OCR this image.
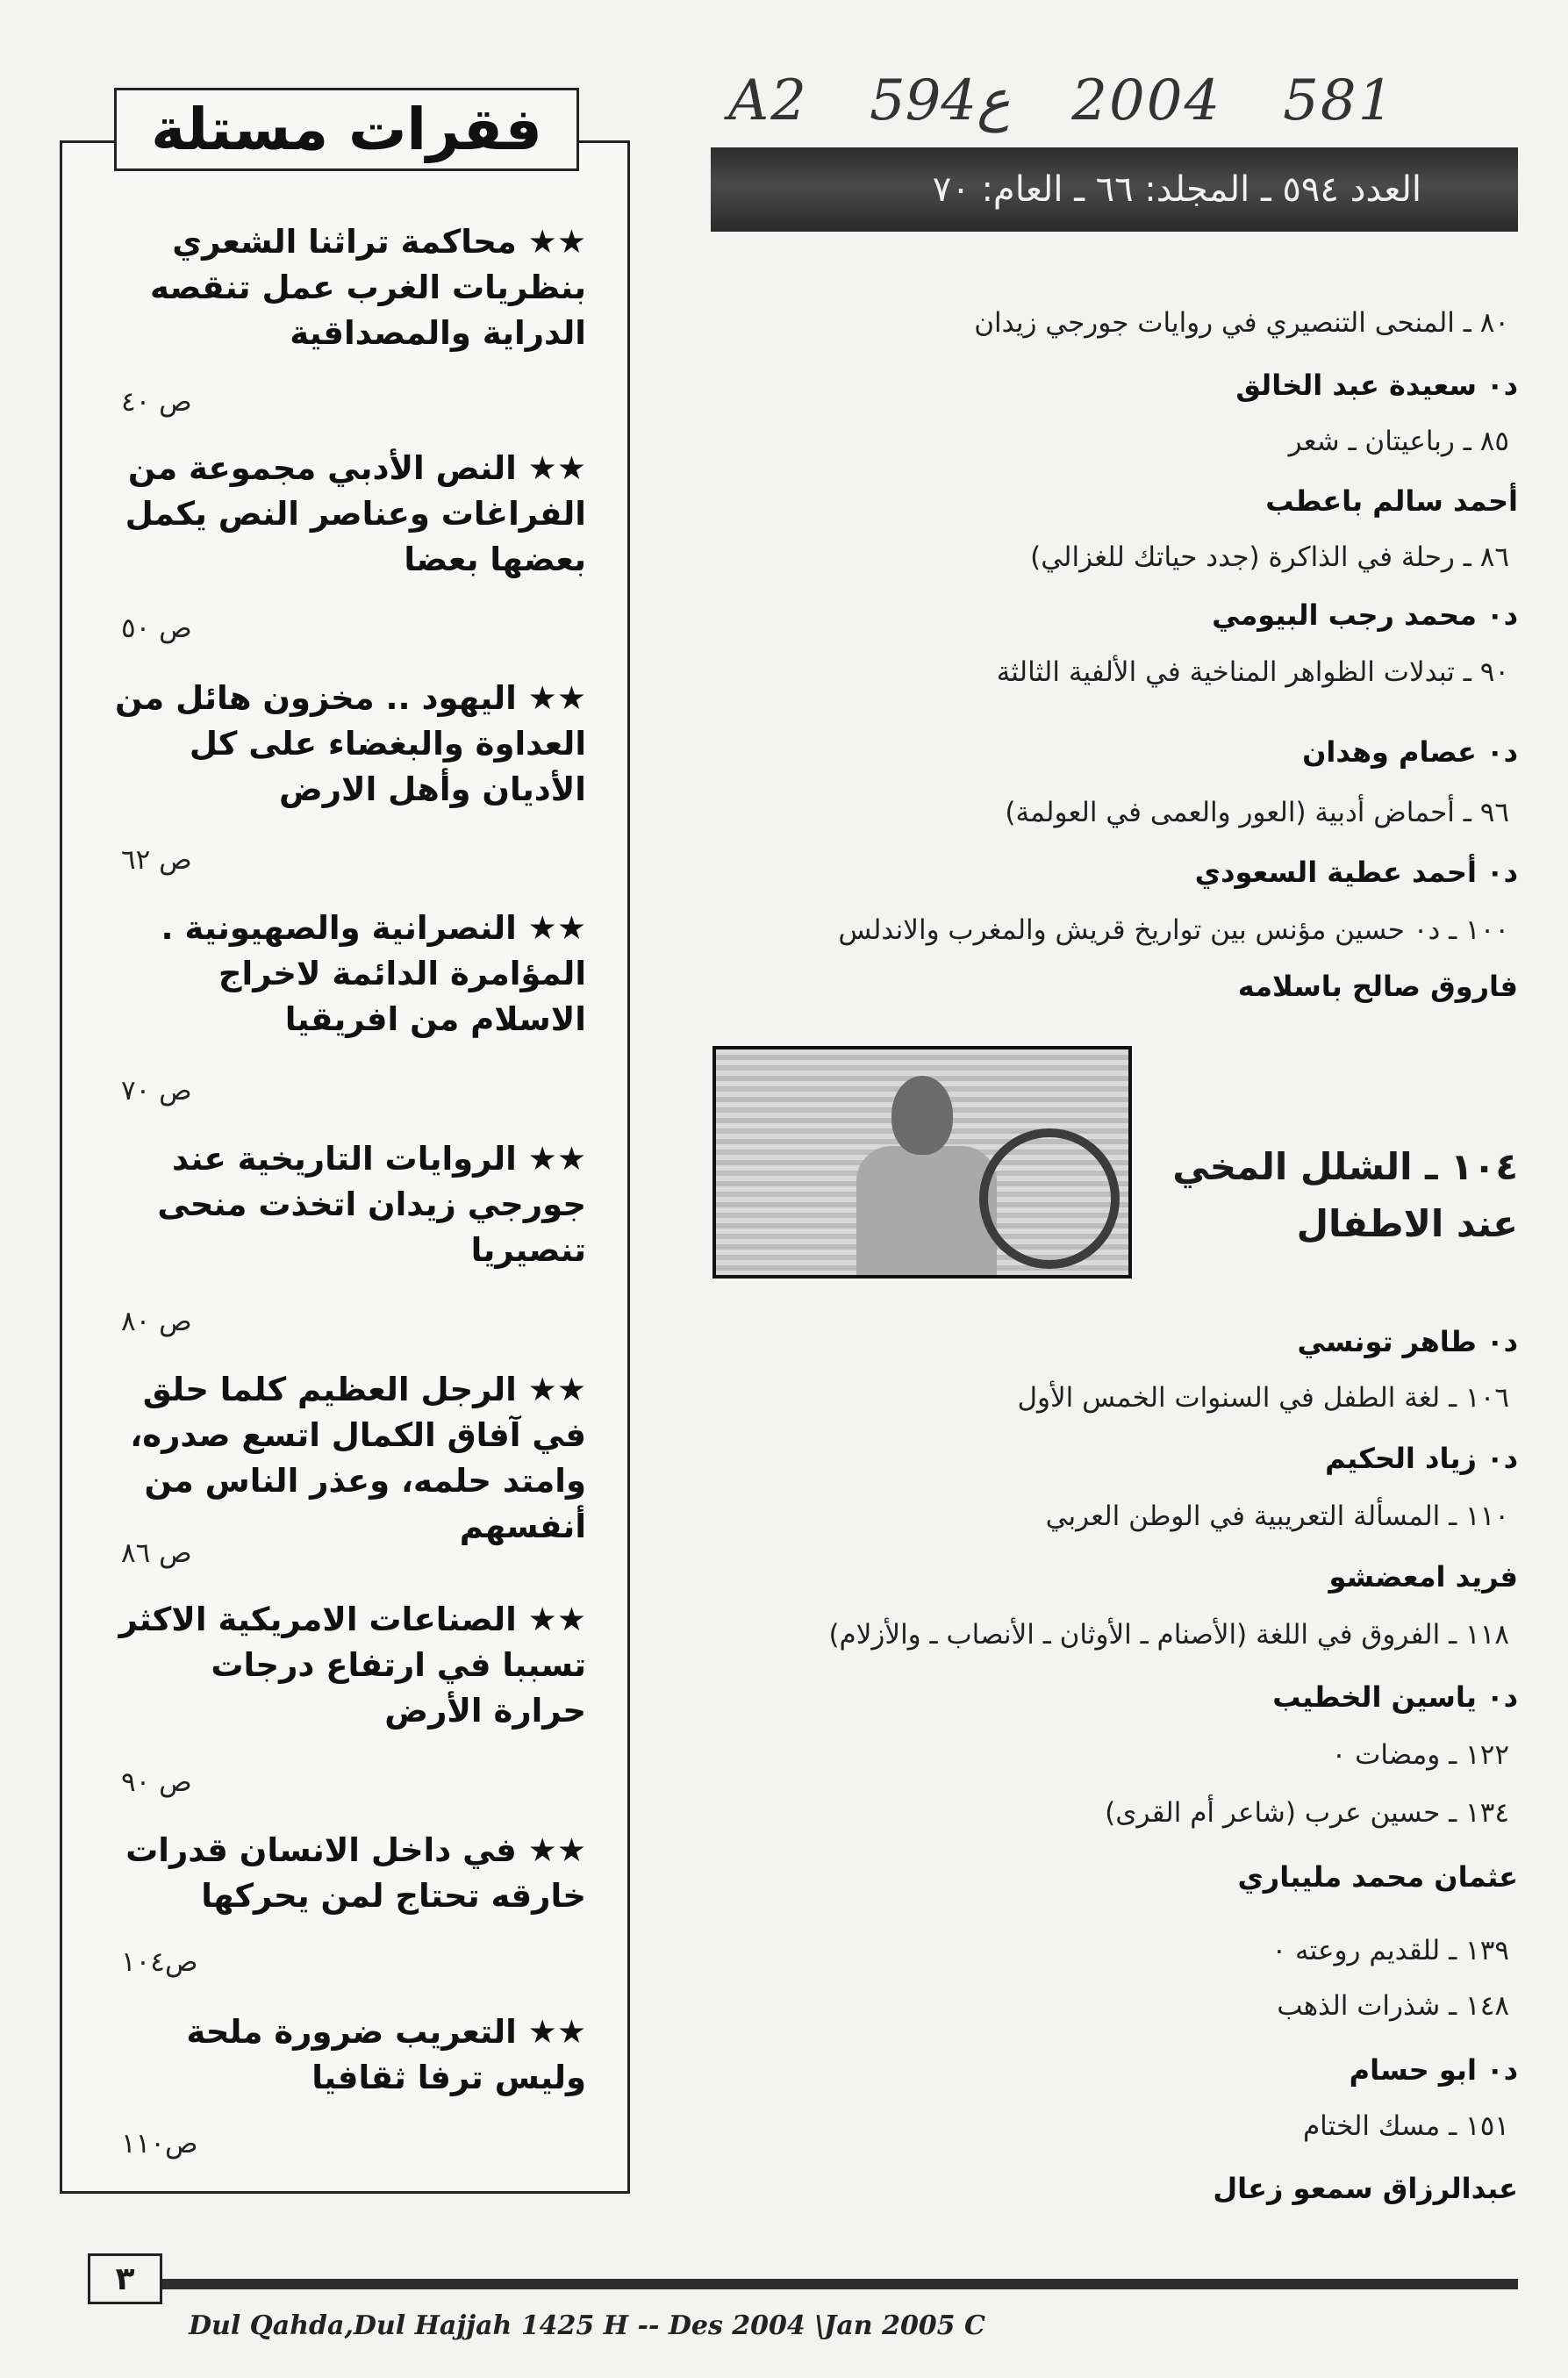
A2 594ع 2004 581
العدد ٥٩٤ ـ المجلد: ٦٦ ـ العام: ٧٠
٨٠ ـ المنحى التنصيري في روايات جورجي زيدان
د٠ سعيدة عبد الخالق
٨٥ ـ رباعيتان ـ شعر
أحمد سالم باعطب
٨٦ ـ رحلة في الذاكرة (جدد حياتك للغزالي)
د٠ محمد رجب البيومي
٩٠ ـ تبدلات الظواهر المناخية في الألفية الثالثة
د٠ عصام وهدان
٩٦ ـ أحماض أدبية (العور والعمى في العولمة)
د٠ أحمد عطية السعودي
١٠٠ ـ د٠ حسين مؤنس بين تواريخ قريش والمغرب والاندلس
فاروق صالح باسلامه
١٠٤ ـ الشلل المخي
عند الاطفال
د٠ طاهر تونسي
١٠٦ ـ لغة الطفل في السنوات الخمس الأول
د٠ زياد الحكيم
١١٠ ـ المسألة التعريبية في الوطن العربي
فريد امعضشو
١١٨ ـ الفروق في اللغة (الأصنام ـ الأوثان ـ الأنصاب ـ والأزلام)
د٠ ياسين الخطيب
١٢٢ ـ ومضات ٠
١٣٤ ـ حسين عرب (شاعر أم القرى)
عثمان محمد مليباري
١٣٩ ـ للقديم روعته ٠
١٤٨ ـ شذرات الذهب
د٠ ابو حسام
١٥١ ـ مسك الختام
عبدالرزاق سمعو زعال
فقرات مستلة
★★ محاكمة تراثنا الشعري بنظريات الغرب عمل تنقصه الدراية والمصداقية
ص ٤٠
★★ النص الأدبي مجموعة من الفراغات وعناصر النص يكمل بعضها بعضا
ص ٥٠
★★ اليهود .. مخزون هائل من العداوة والبغضاء على كل الأديان وأهل الارض
ص ٦٢
★★ النصرانية والصهيونية . المؤامرة الدائمة لاخراج الاسلام من افريقيا
ص ٧٠
★★ الروايات التاريخية عند جورجي زيدان اتخذت منحى تنصيريا
ص ٨٠
★★ الرجل العظيم كلما حلق في آفاق الكمال اتسع صدره، وامتد حلمه، وعذر الناس من أنفسهم
ص ٨٦
★★ الصناعات الامريكية الاكثر تسببا في ارتفاع درجات حرارة الأرض
ص ٩٠
★★ في داخل الانسان قدرات خارقه تحتاج لمن يحركها
ص١٠٤
★★ التعريب ضرورة ملحة وليس ترفا ثقافيا
ص١١٠
٣
Dul Qahda,Dul Hajjah 1425 H -- Des 2004 \Jan 2005 C
